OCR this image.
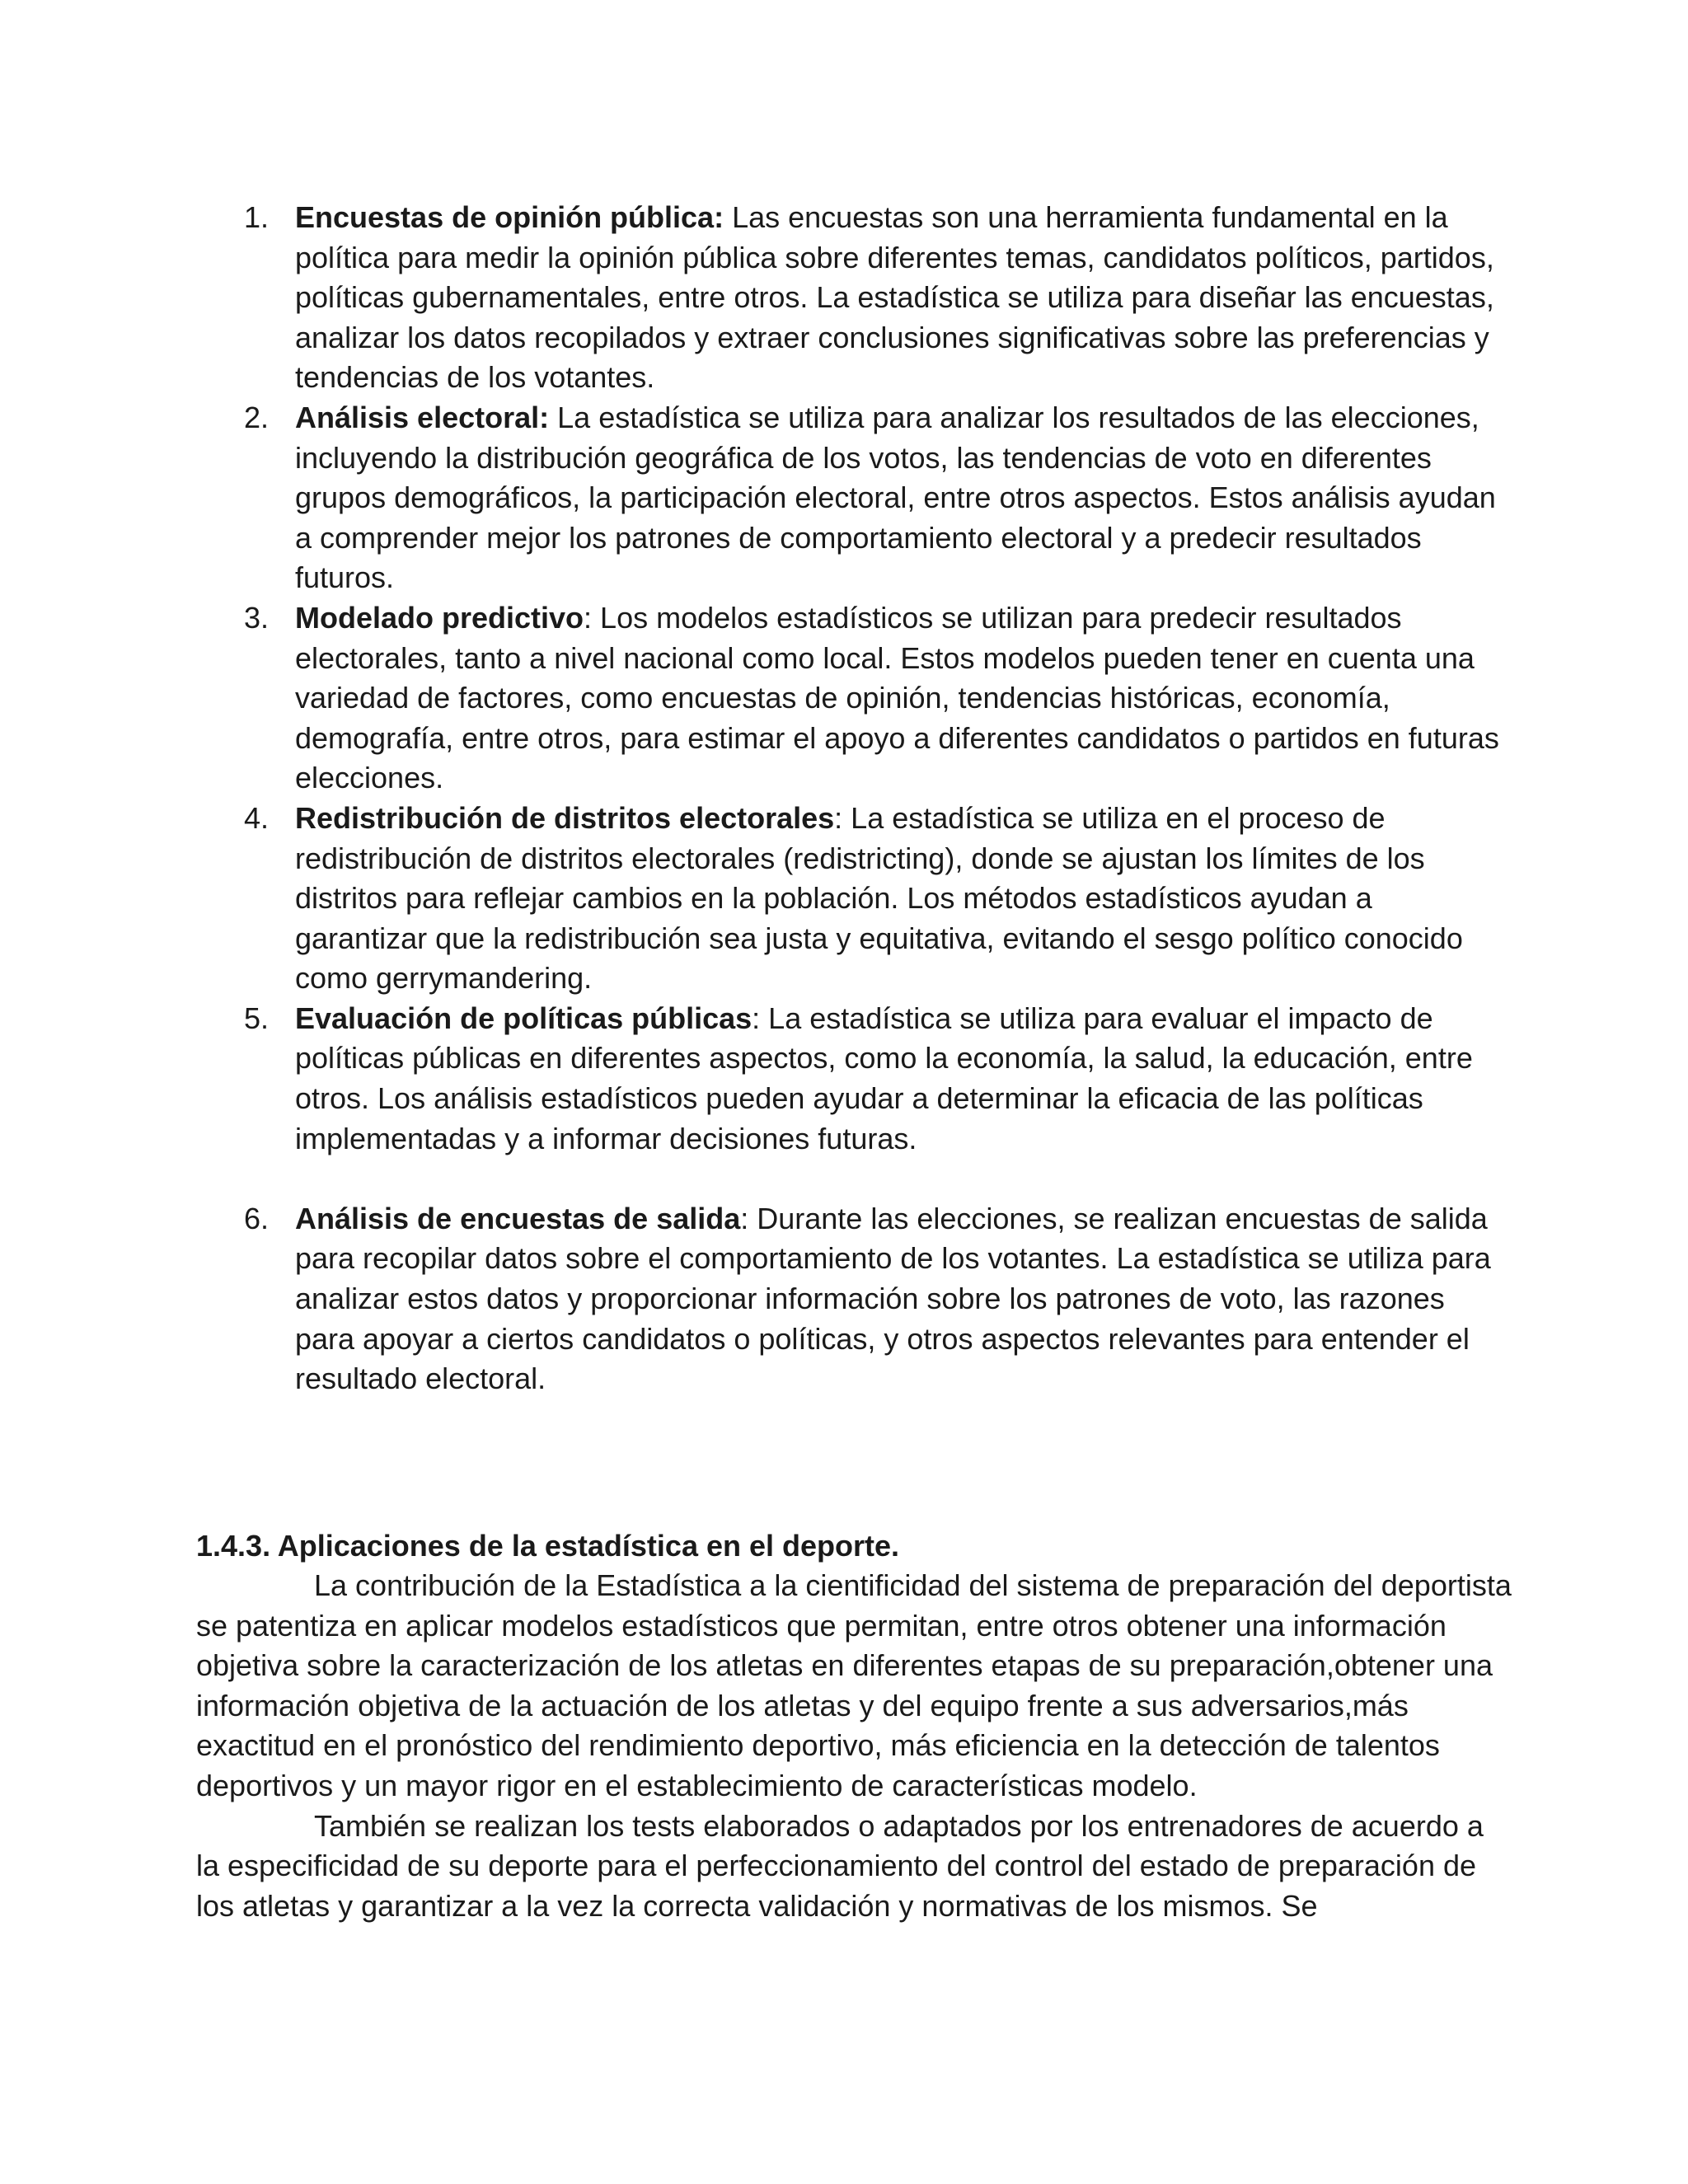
1. Encuestas de opinión pública: Las encuestas son una herramienta fundamental en la política para medir la opinión pública sobre diferentes temas, candidatos políticos, partidos, políticas gubernamentales, entre otros. La estadística se utiliza para diseñar las encuestas, analizar los datos recopilados y extraer conclusiones significativas sobre las preferencias y tendencias de los votantes.
2. Análisis electoral: La estadística se utiliza para analizar los resultados de las elecciones, incluyendo la distribución geográfica de los votos, las tendencias de voto en diferentes grupos demográficos, la participación electoral, entre otros aspectos. Estos análisis ayudan a comprender mejor los patrones de comportamiento electoral y a predecir resultados futuros.
3. Modelado predictivo: Los modelos estadísticos se utilizan para predecir resultados electorales, tanto a nivel nacional como local. Estos modelos pueden tener en cuenta una variedad de factores, como encuestas de opinión, tendencias históricas, economía, demografía, entre otros, para estimar el apoyo a diferentes candidatos o partidos en futuras elecciones.
4. Redistribución de distritos electorales: La estadística se utiliza en el proceso de redistribución de distritos electorales (redistricting), donde se ajustan los límites de los distritos para reflejar cambios en la población. Los métodos estadísticos ayudan a garantizar que la redistribución sea justa y equitativa, evitando el sesgo político conocido como gerrymandering.
5. Evaluación de políticas públicas: La estadística se utiliza para evaluar el impacto de políticas públicas en diferentes aspectos, como la economía, la salud, la educación, entre otros. Los análisis estadísticos pueden ayudar a determinar la eficacia de las políticas implementadas y a informar decisiones futuras.
6. Análisis de encuestas de salida: Durante las elecciones, se realizan encuestas de salida para recopilar datos sobre el comportamiento de los votantes. La estadística se utiliza para analizar estos datos y proporcionar información sobre los patrones de voto, las razones para apoyar a ciertos candidatos o políticas, y otros aspectos relevantes para entender el resultado electoral.
1.4.3. Aplicaciones de la estadística en el deporte.

La contribución de la Estadística a la cientificidad del sistema de preparación del deportista se patentiza en aplicar modelos estadísticos que permitan, entre otros obtener una información objetiva sobre la caracterización de los atletas en diferentes etapas de su preparación,obtener una información objetiva de la actuación de los atletas y del equipo frente a sus adversarios,más exactitud en el pronóstico del rendimiento deportivo, más eficiencia en la detección de talentos deportivos y un mayor rigor en el establecimiento de características modelo.

También se realizan los tests elaborados o adaptados por los entrenadores de acuerdo a la especificidad de su deporte para el perfeccionamiento del control del estado de preparación de los atletas y garantizar a la vez la correcta validación y normativas de los mismos. Se
